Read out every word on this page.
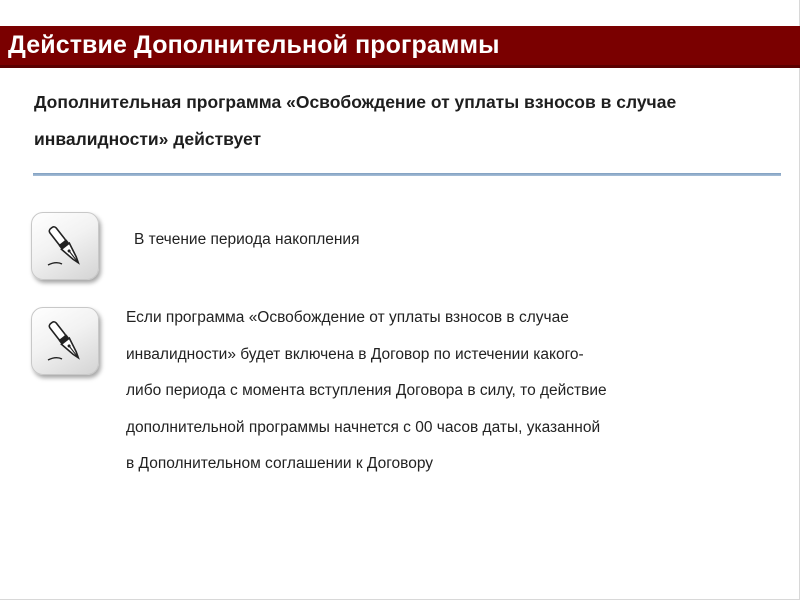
Действие Дополнительной программы
Дополнительная программа «Освобождение от уплаты взносов в случае инвалидности» действует
В течение периода накопления
Если программа «Освобождение от уплаты взносов в случае
инвалидности» будет включена в Договор по истечении какого-
либо периода с момента вступления Договора в силу, то действие
дополнительной программы начнется с 00 часов даты, указанной
в Дополнительном соглашении к Договору
